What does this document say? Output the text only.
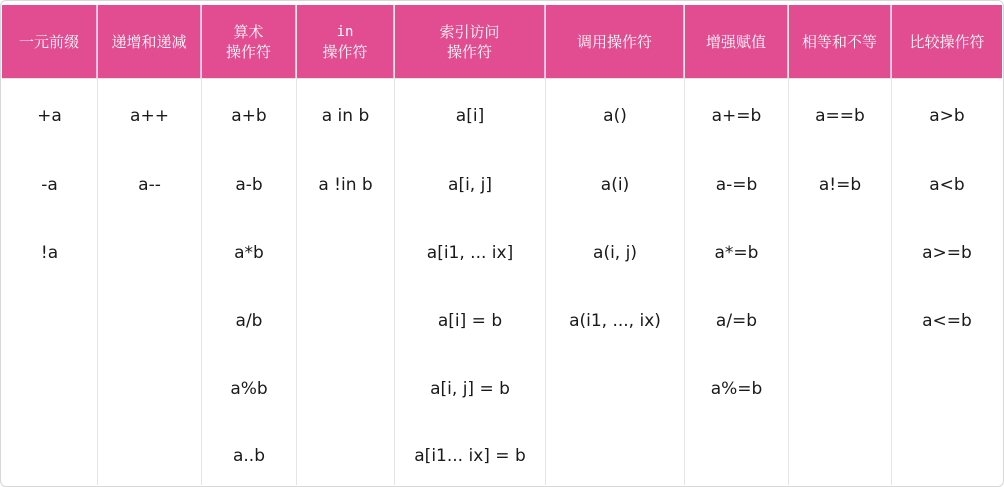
一元前缀
+a
-a
!a
递增和递减
a++
a--
算术
操作符
a+b
a-b
a*b
a/b
a%b
a..b
in
操作符
a in b
a !in b
索引访问
操作符
a[i]
a[i, j]
a[i1, ... ix]
a[i] = b
a[i, j] = b
a[i1... ix] = b
调用操作符
a()
a(i)
a(i, j)
a(i1, ..., ix)
增强赋值
a+=b
a-=b
a*=b
a/=b
a%=b
相等和不等
a==b
a!=b
比较操作符
a>b
a<b
a>=b
a<=b
